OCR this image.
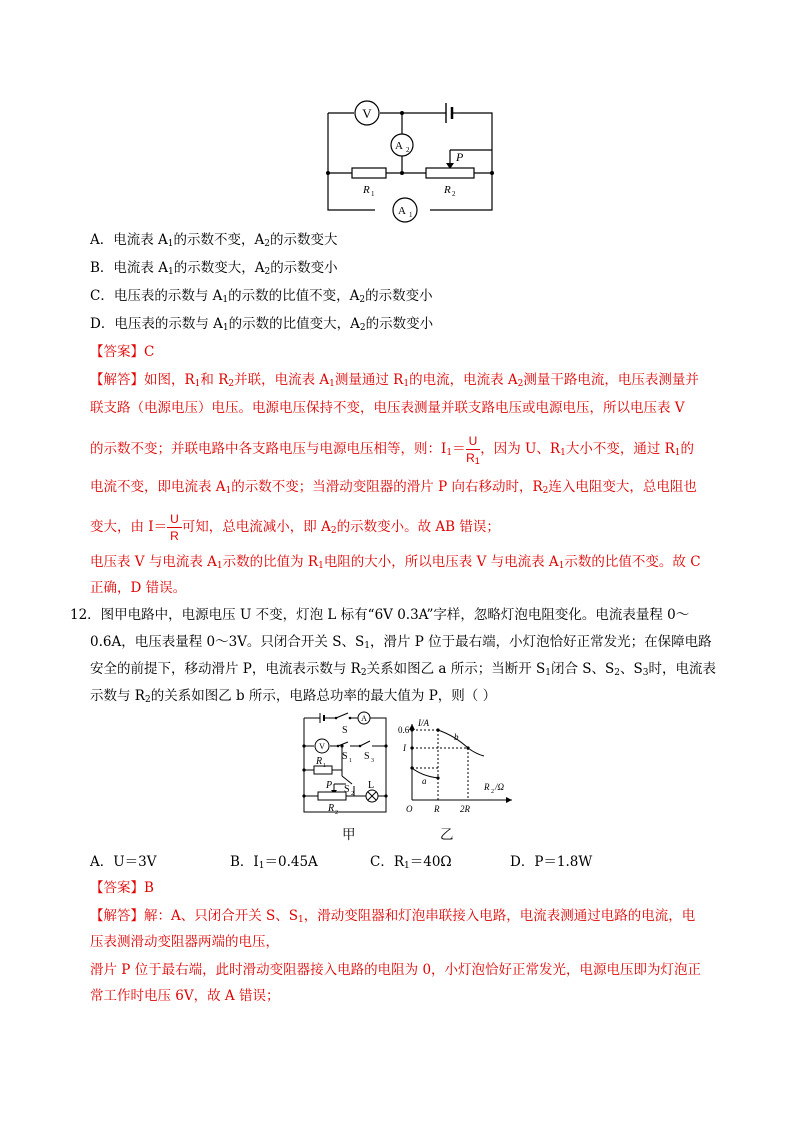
V
A 2
A 1
P
R 1	R 2
A．电流表 $A_1$的示数不变，$A_2$的示数变大
B．电流表 $A_1$的示数变大，$A_2$的示数变小
C．电压表的示数与 $A_1$的示数的比值不变，$A_2$的示数变小
D．电压表的示数与 $A_1$的示数的比值变大，$A_2$的示数变小
【答案】C
【解答】如图，$R_1$和 $R_2$并联，电流表 $A_1$测量通过 $R_1$的电流，电流表 $A_2$测量干路电流，电压表测量并
联支路（电源电压）电压。电源电压保持不变，电压表测量并联支路电压或电源电压，所以电压表 V
的示数不变；并联电路中各支路电压与电源电压相等，则：$I_1= \frac{U}{R_1}$ ，因为 U、$R_1$大小不变，通过 $R_1$的
电流不变，即电流表 $A_1$的示数不变；当滑动变阻器的滑片 P 向右移动时，$R_2$连入电阻变大，总电阻也
变大，由 $I= \frac{U}{R}$ 可知，总电流减小，即 $A_2$的示数变小。故 AB 错误；
电压表 V 与电流表 $A_1$示数的比值为 $R_1$电阻的大小，所以电压表 V 与电流表 $A_1$示数的比值不变。故 C
正确，D 错误。
12．图甲电路中，电源电压 U 不变，灯泡 L 标有“6V 0.3A”字样，忽略灯泡电阻变化。电流表量程 0～
0.6A，电压表量程 0～3V。只闭合开关 S、$S_1$，滑片 P 位于最右端，小灯泡恰好正常发光；在保障电路
安全的前提下，移动滑片 P，电流表示数与 $R_2$关系如图乙 a 所示；当断开 $S_1$闭合 S、$S_2$、$S_3$时，电流表
示数与 $R_2$的关系如图乙 b 所示，电路总功率的最大值为 P，则（ ）
A
V
S
S 1 S 3
S 2
R 1
P
R 2
L
I/A
0.6
I
O R 2R
R 2 /Ω
b
a
甲	乙
A．U＝3V	B．$I_1=0.45A$	C．$R_1=40\Omega$	D．P＝1.8W
【答案】B
【解答】解：A、只闭合开关 S、$S_1$，滑动变阻器和灯泡串联接入电路，电流表测通过电路的电流，电
压表测滑动变阻器两端的电压，
滑片 P 位于最右端，此时滑动变阻器接入电路的电阻为 0，小灯泡恰好正常发光，电源电压即为灯泡正
常工作时电压 6V，故 A 错误；
